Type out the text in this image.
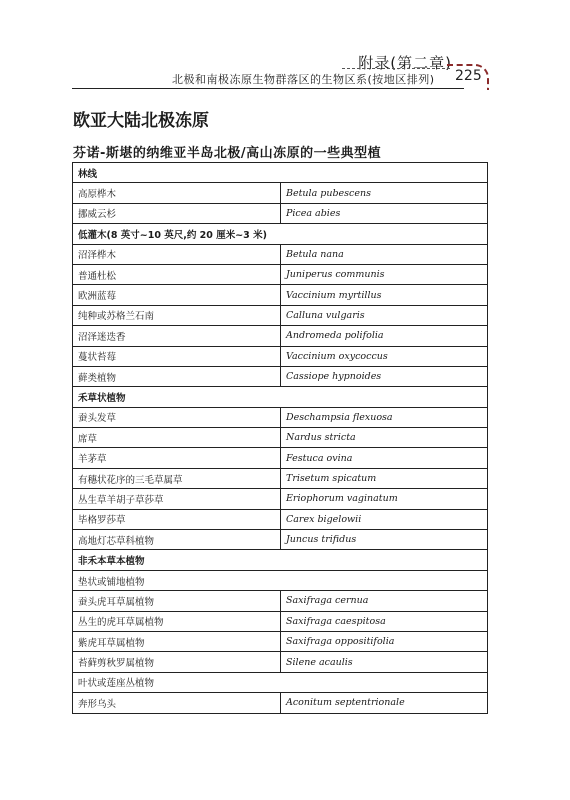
附录(第二章)
北极和南极冻原生物群落区的生物区系(按地区排列) 225
欧亚大陆北极冻原
芬诺-斯堪的纳维亚半岛北极/高山冻原的一些典型植
林线	
高原桦木	Betula pubescens
挪威云杉	Picea abies
低灌木(8 英寸~10 英尺,约 20 厘米~3 米)	
沼泽桦木	Betula nana
普通杜松	Juniperus communis
欧洲蓝莓	Vaccinium myrtillus
纯种或苏格兰石南	Calluna vulgaris
沼泽迷迭香	Andromeda polifolia
蔓状苔莓	Vaccinium oxycoccus
藓类植物	Cassiope hypnoides
禾草状植物	
蚕头发草	Deschampsia flexuosa
席草	Nardus stricta
羊茅草	Festuca ovina
有穗状花序的三毛草属草	Trisetum spicatum
丛生草羊胡子草莎草	Eriophorum vaginatum
毕格罗莎草	Carex bigelowii
高地灯芯草科植物	Juncus trifidus
非禾本草本植物	
垫状或铺地植物	
蚕头虎耳草属植物	Saxifraga cernua
丛生的虎耳草属植物	Saxifraga caespitosa
紫虎耳草属植物	Saxifraga oppositifolia
苔藓剪秋罗属植物	Silene acaulis
叶状或莲座丛植物	
奔形乌头	Aconitum septentrionale
